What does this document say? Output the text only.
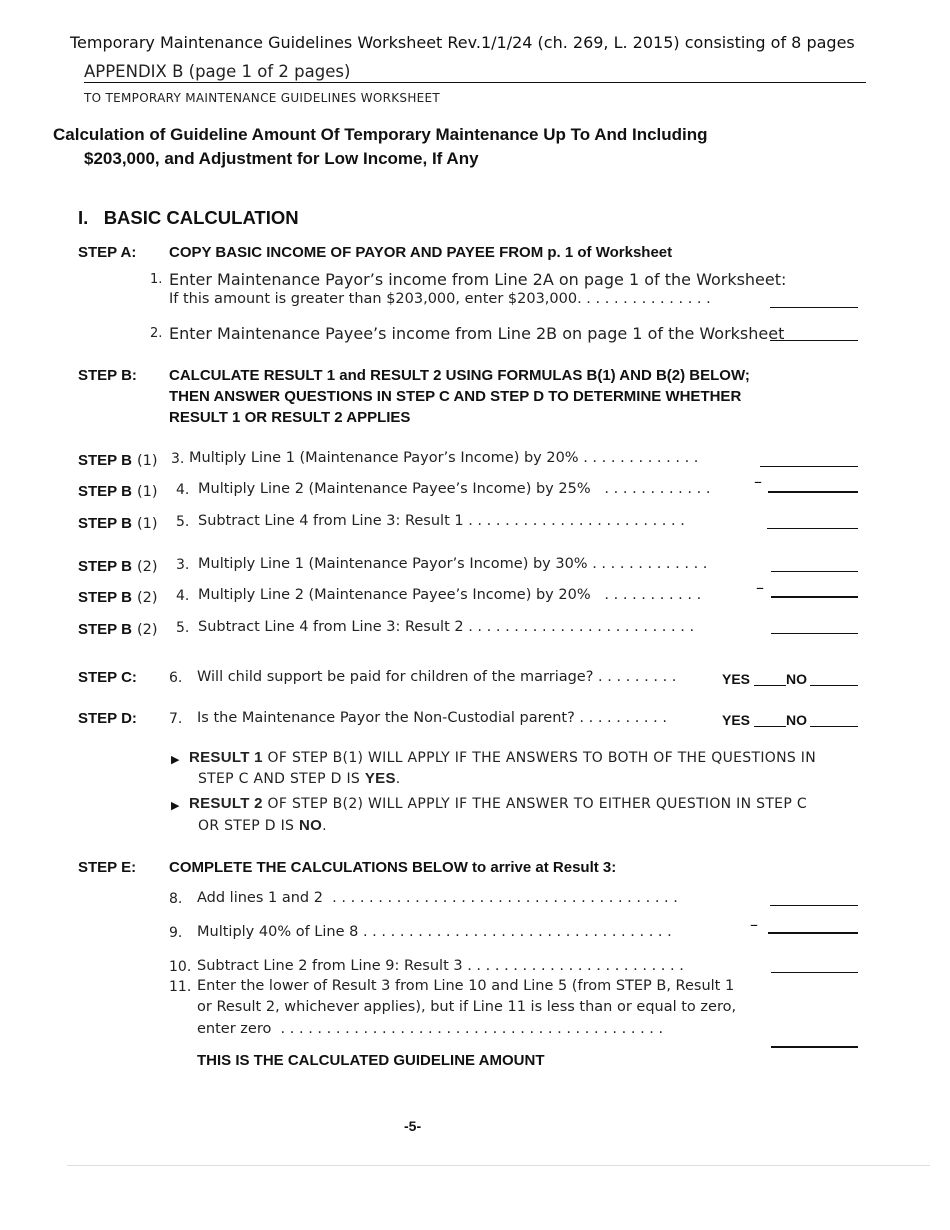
Temporary Maintenance Guidelines Worksheet Rev.1/1/24 (ch. 269, L. 2015) consisting of 8 pages
APPENDIX B (page 1 of 2 pages)
TO TEMPORARY MAINTENANCE GUIDELINES WORKSHEET
Calculation of Guideline Amount Of Temporary Maintenance Up To And Including
$203,000, and Adjustment for Low Income, If Any
I.   BASIC CALCULATION
STEP A: COPY BASIC INCOME OF PAYOR AND PAYEE FROM p. 1 of Worksheet
1. Enter Maintenance Payor’s income from Line 2A on page 1 of the Worksheet:
If this amount is greater than $203,000, enter $203,000. . . . . . . . . . . . . . .
2. Enter Maintenance Payee’s income from Line 2B on page 1 of the Worksheet
STEP B: CALCULATE RESULT 1 and RESULT 2 USING FORMULAS B(1) AND B(2) BELOW;
THEN ANSWER QUESTIONS IN STEP C AND STEP D TO DETERMINE WHETHER
RESULT 1 OR RESULT 2 APPLIES
STEP B (1) 3. Multiply Line 1 (Maintenance Payor’s Income) by 20% . . . . . . . . . . . . .
STEP B (1) 4. Multiply Line 2 (Maintenance Payee’s Income) by 25%   . . . . . . . . . . . .	–
STEP B (1) 5. Subtract Line 4 from Line 3: Result 1 . . . . . . . . . . . . . . . . . . . . . . . .
STEP B (2) 3. Multiply Line 1 (Maintenance Payor’s Income) by 30% . . . . . . . . . . . . .
STEP B (2) 4. Multiply Line 2 (Maintenance Payee’s Income) by 20%   . . . . . . . . . . .	–
STEP B (2) 5. Subtract Line 4 from Line 3: Result 2 . . . . . . . . . . . . . . . . . . . . . . . . .
STEP C: 6. Will child support be paid for children of the marriage? . . . . . . . . .	YES	NO
STEP D: 7. Is the Maintenance Payor the Non-Custodial parent? . . . . . . . . . .	YES	NO
▶ RESULT 1 OF STEP B(1) WILL APPLY IF THE ANSWERS TO BOTH OF THE QUESTIONS IN
STEP C AND STEP D IS YES.
▶ RESULT 2 OF STEP B(2) WILL APPLY IF THE ANSWER TO EITHER QUESTION IN STEP C
OR STEP D IS NO.
STEP E: COMPLETE THE CALCULATIONS BELOW to arrive at Result 3:
8. Add lines 1 and 2  . . . . . . . . . . . . . . . . . . . . . . . . . . . . . . . . . . . . . .
9. Multiply 40% of Line 8 . . . . . . . . . . . . . . . . . . . . . . . . . . . . . . . . . .	–
10. Subtract Line 2 from Line 9: Result 3 . . . . . . . . . . . . . . . . . . . . . . . .
11. Enter the lower of Result 3 from Line 10 and Line 5 (from STEP B, Result 1
or Result 2, whichever applies), but if Line 11 is less than or equal to zero,
enter zero  . . . . . . . . . . . . . . . . . . . . . . . . . . . . . . . . . . . . . . . . . .
THIS IS THE CALCULATED GUIDELINE AMOUNT
-5-
